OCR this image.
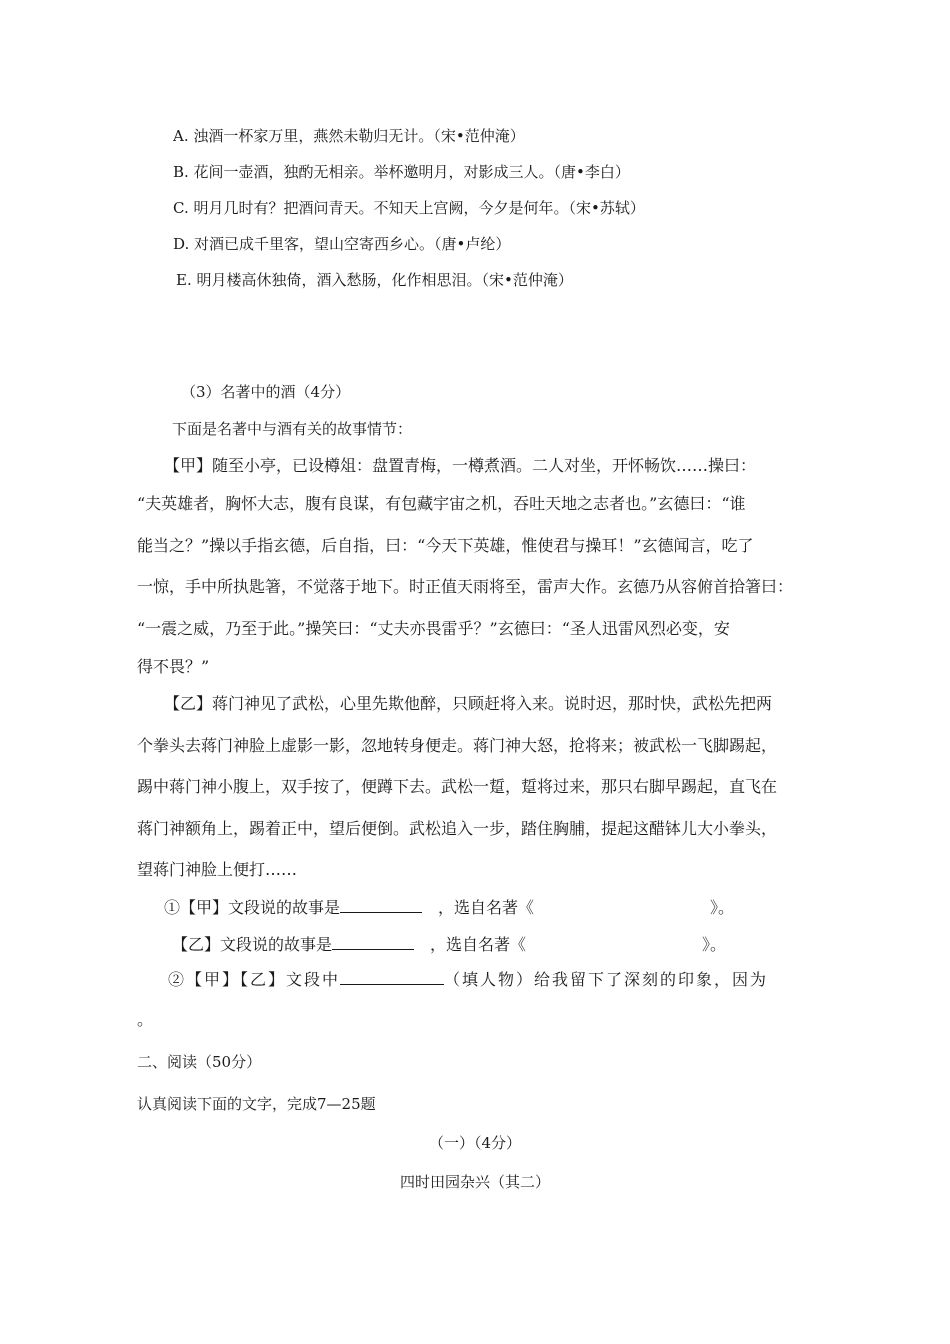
A. 浊酒一杯家万里，燕然未勒归无计。（宋•范仲淹）
B. 花间一壶酒，独酌无相亲。举杯邀明月，对影成三人。（唐•李白）
C. 明月几时有？把酒问青天。不知天上宫阙，今夕是何年。（宋•苏轼）
D. 对酒已成千里客，望山空寄西乡心。（唐•卢纶）
E. 明月楼高休独倚，酒入愁肠，化作相思泪。（宋•范仲淹）
（3）名著中的酒（4分）
下面是名著中与酒有关的故事情节：
【甲】随至小亭，已设樽俎：盘置青梅，一樽煮酒。二人对坐，开怀畅饮……操曰：
“夫英雄者，胸怀大志，腹有良谋，有包藏宇宙之机，吞吐天地之志者也。”玄德曰：“谁
能当之？”操以手指玄德，后自指，曰：“今天下英雄，惟使君与操耳！”玄德闻言，吃了
一惊，手中所执匙箸，不觉落于地下。时正值天雨将至，雷声大作。玄德乃从容俯首拾箸曰：
“一震之威，乃至于此。”操笑曰：“丈夫亦畏雷乎？”玄德曰：“圣人迅雷风烈必变，安
得不畏？”
【乙】蒋门神见了武松，心里先欺他醉，只顾赶将入来。说时迟，那时快，武松先把两
个拳头去蒋门神脸上虚影一影，忽地转身便走。蒋门神大怒，抢将来；被武松一飞脚踢起，
踢中蒋门神小腹上，双手按了，便蹲下去。武松一踅，踅将过来，那只右脚早踢起，直飞在
蒋门神额角上，踢着正中，望后便倒。武松追入一步，踏住胸脯，提起这醋钵儿大小拳头，
望蒋门神脸上便打……
①【甲】文段说的故事是	，选自名著《	》。
【乙】文段说的故事是	，选自名著《	》。
②【甲】【乙】文段中	（填人物）给我留下了深刻的印象，因为
。
二、阅读（50分）
认真阅读下面的文字，完成7—25题
（一）（4分）
四时田园杂兴（其二）
